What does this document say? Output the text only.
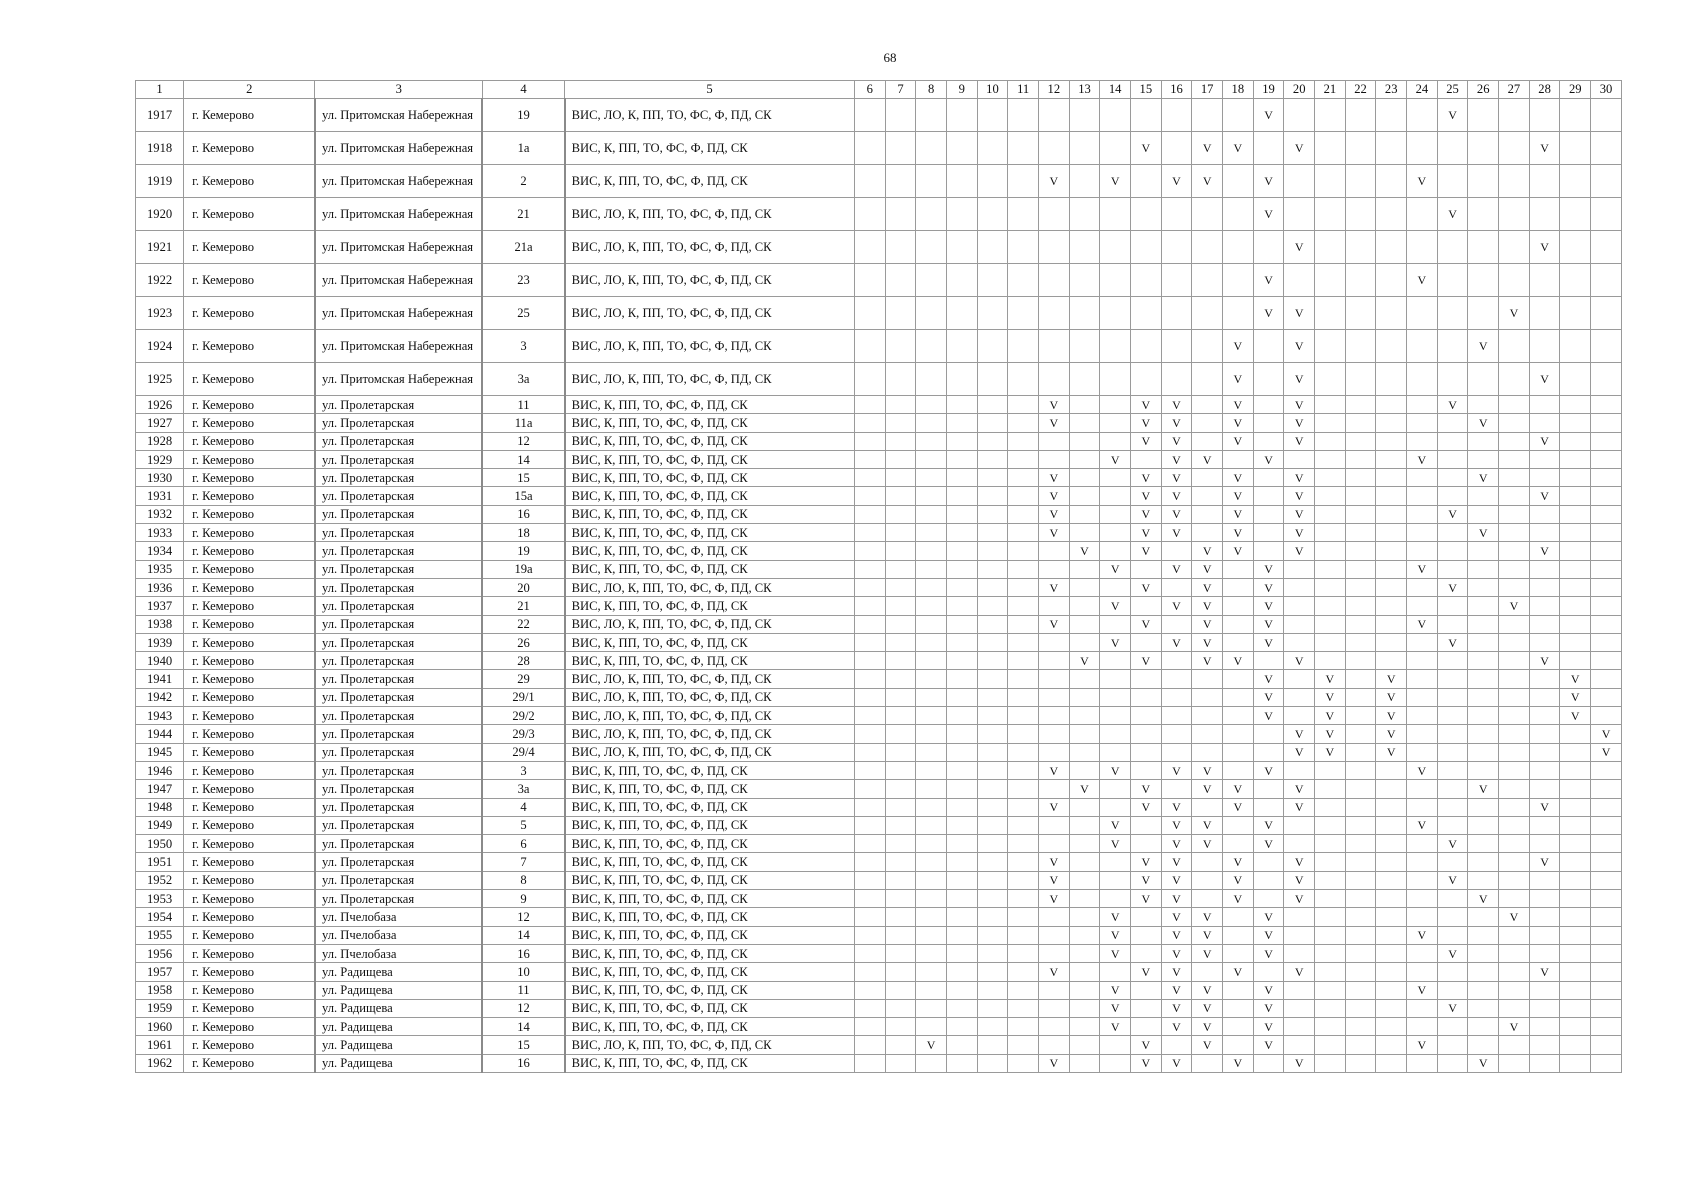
68
1	2	3	4	5	6	7	8	9	10	11	12	13	14	15	16	17	18	19	20	21	22	23	24	25	26	27	28	29	30
1917	г. Кемерово	ул. Притомская Набережная	19	ВИС, ЛО, К, ПП, ТО, ФС, Ф, ПД, СК														V						V					
1918	г. Кемерово	ул. Притомская Набережная	1а	ВИС, К, ПП, ТО, ФС, Ф, ПД, СК										V		V	V		V								V		
1919	г. Кемерово	ул. Притомская Набережная	2	ВИС, К, ПП, ТО, ФС, Ф, ПД, СК							V		V		V	V		V					V						
1920	г. Кемерово	ул. Притомская Набережная	21	ВИС, ЛО, К, ПП, ТО, ФС, Ф, ПД, СК														V						V					
1921	г. Кемерово	ул. Притомская Набережная	21а	ВИС, ЛО, К, ПП, ТО, ФС, Ф, ПД, СК															V								V		
1922	г. Кемерово	ул. Притомская Набережная	23	ВИС, ЛО, К, ПП, ТО, ФС, Ф, ПД, СК														V					V						
1923	г. Кемерово	ул. Притомская Набережная	25	ВИС, ЛО, К, ПП, ТО, ФС, Ф, ПД, СК														V	V							V			
1924	г. Кемерово	ул. Притомская Набережная	3	ВИС, ЛО, К, ПП, ТО, ФС, Ф, ПД, СК													V		V						V				
1925	г. Кемерово	ул. Притомская Набережная	3а	ВИС, ЛО, К, ПП, ТО, ФС, Ф, ПД, СК													V		V								V		
1926	г. Кемерово	ул. Пролетарская	11	ВИС, К, ПП, ТО, ФС, Ф, ПД, СК							V			V	V		V		V					V					
1927	г. Кемерово	ул. Пролетарская	11а	ВИС, К, ПП, ТО, ФС, Ф, ПД, СК							V			V	V		V		V						V				
1928	г. Кемерово	ул. Пролетарская	12	ВИС, К, ПП, ТО, ФС, Ф, ПД, СК										V	V		V		V								V		
1929	г. Кемерово	ул. Пролетарская	14	ВИС, К, ПП, ТО, ФС, Ф, ПД, СК									V		V	V		V					V						
1930	г. Кемерово	ул. Пролетарская	15	ВИС, К, ПП, ТО, ФС, Ф, ПД, СК							V			V	V		V		V						V				
1931	г. Кемерово	ул. Пролетарская	15а	ВИС, К, ПП, ТО, ФС, Ф, ПД, СК							V			V	V		V		V								V		
1932	г. Кемерово	ул. Пролетарская	16	ВИС, К, ПП, ТО, ФС, Ф, ПД, СК							V			V	V		V		V					V					
1933	г. Кемерово	ул. Пролетарская	18	ВИС, К, ПП, ТО, ФС, Ф, ПД, СК							V			V	V		V		V						V				
1934	г. Кемерово	ул. Пролетарская	19	ВИС, К, ПП, ТО, ФС, Ф, ПД, СК								V		V		V	V		V								V		
1935	г. Кемерово	ул. Пролетарская	19а	ВИС, К, ПП, ТО, ФС, Ф, ПД, СК									V		V	V		V					V						
1936	г. Кемерово	ул. Пролетарская	20	ВИС, ЛО, К, ПП, ТО, ФС, Ф, ПД, СК							V			V		V		V						V					
1937	г. Кемерово	ул. Пролетарская	21	ВИС, К, ПП, ТО, ФС, Ф, ПД, СК									V		V	V		V								V			
1938	г. Кемерово	ул. Пролетарская	22	ВИС, ЛО, К, ПП, ТО, ФС, Ф, ПД, СК							V			V		V		V					V						
1939	г. Кемерово	ул. Пролетарская	26	ВИС, К, ПП, ТО, ФС, Ф, ПД, СК									V		V	V		V						V					
1940	г. Кемерово	ул. Пролетарская	28	ВИС, К, ПП, ТО, ФС, Ф, ПД, СК								V		V		V	V		V								V		
1941	г. Кемерово	ул. Пролетарская	29	ВИС, ЛО, К, ПП, ТО, ФС, Ф, ПД, СК														V		V		V						V	
1942	г. Кемерово	ул. Пролетарская	29/1	ВИС, ЛО, К, ПП, ТО, ФС, Ф, ПД, СК														V		V		V						V	
1943	г. Кемерово	ул. Пролетарская	29/2	ВИС, ЛО, К, ПП, ТО, ФС, Ф, ПД, СК														V		V		V						V	
1944	г. Кемерово	ул. Пролетарская	29/3	ВИС, ЛО, К, ПП, ТО, ФС, Ф, ПД, СК															V	V		V							V
1945	г. Кемерово	ул. Пролетарская	29/4	ВИС, ЛО, К, ПП, ТО, ФС, Ф, ПД, СК															V	V		V							V
1946	г. Кемерово	ул. Пролетарская	3	ВИС, К, ПП, ТО, ФС, Ф, ПД, СК							V		V		V	V		V					V						
1947	г. Кемерово	ул. Пролетарская	3а	ВИС, К, ПП, ТО, ФС, Ф, ПД, СК								V		V		V	V		V						V				
1948	г. Кемерово	ул. Пролетарская	4	ВИС, К, ПП, ТО, ФС, Ф, ПД, СК							V			V	V		V		V								V		
1949	г. Кемерово	ул. Пролетарская	5	ВИС, К, ПП, ТО, ФС, Ф, ПД, СК									V		V	V		V					V						
1950	г. Кемерово	ул. Пролетарская	6	ВИС, К, ПП, ТО, ФС, Ф, ПД, СК									V		V	V		V						V					
1951	г. Кемерово	ул. Пролетарская	7	ВИС, К, ПП, ТО, ФС, Ф, ПД, СК							V			V	V		V		V								V		
1952	г. Кемерово	ул. Пролетарская	8	ВИС, К, ПП, ТО, ФС, Ф, ПД, СК							V			V	V		V		V					V					
1953	г. Кемерово	ул. Пролетарская	9	ВИС, К, ПП, ТО, ФС, Ф, ПД, СК							V			V	V		V		V						V				
1954	г. Кемерово	ул. Пчелобаза	12	ВИС, К, ПП, ТО, ФС, Ф, ПД, СК									V		V	V		V								V			
1955	г. Кемерово	ул. Пчелобаза	14	ВИС, К, ПП, ТО, ФС, Ф, ПД, СК									V		V	V		V					V						
1956	г. Кемерово	ул. Пчелобаза	16	ВИС, К, ПП, ТО, ФС, Ф, ПД, СК									V		V	V		V						V					
1957	г. Кемерово	ул. Радищева	10	ВИС, К, ПП, ТО, ФС, Ф, ПД, СК							V			V	V		V		V								V		
1958	г. Кемерово	ул. Радищева	11	ВИС, К, ПП, ТО, ФС, Ф, ПД, СК									V		V	V		V					V						
1959	г. Кемерово	ул. Радищева	12	ВИС, К, ПП, ТО, ФС, Ф, ПД, СК									V		V	V		V						V					
1960	г. Кемерово	ул. Радищева	14	ВИС, К, ПП, ТО, ФС, Ф, ПД, СК									V		V	V		V								V			
1961	г. Кемерово	ул. Радищева	15	ВИС, ЛО, К, ПП, ТО, ФС, Ф, ПД, СК			V							V		V		V					V						
1962	г. Кемерово	ул. Радищева	16	ВИС, К, ПП, ТО, ФС, Ф, ПД, СК							V			V	V		V		V						V				
